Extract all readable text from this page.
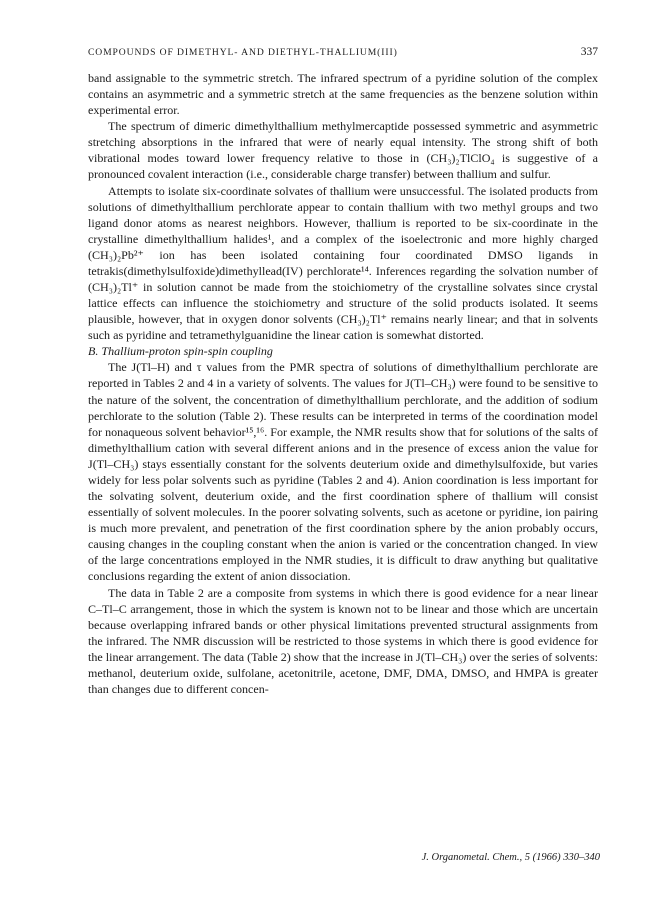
COMPOUNDS OF DIMETHYL- AND DIETHYL-THALLIUM(III)	337

band assignable to the symmetric stretch. The infrared spectrum of a pyridine solution of the complex contains an asymmetric and a symmetric stretch at the same frequencies as the benzene solution within experimental error.

The spectrum of dimeric dimethylthallium methylmercaptide possessed symmetric and asymmetric stretching absorptions in the infrared that were of nearly equal intensity. The strong shift of both vibrational modes toward lower frequency relative to those in (CH₃)₂TlClO₄ is suggestive of a pronounced covalent interaction (i.e., considerable charge transfer) between thallium and sulfur.

Attempts to isolate six-coordinate solvates of thallium were unsuccessful. The isolated products from solutions of dimethylthallium perchlorate appear to contain thallium with two methyl groups and two ligand donor atoms as nearest neighbors. However, thallium is reported to be six-coordinate in the crystalline dimethylthallium halides¹, and a complex of the isoelectronic and more highly charged (CH₃)₂Pb²⁺ ion has been isolated containing four coordinated DMSO ligands in tetrakis(dimethylsulfoxide)dimethyllead(IV) perchlorate¹⁴. Inferences regarding the solvation number of (CH₃)₂Tl⁺ in solution cannot be made from the stoichiometry of the crystalline solvates since crystal lattice effects can influence the stoichiometry and structure of the solid products isolated. It seems plausible, however, that in oxygen donor solvents (CH₃)₂Tl⁺ remains nearly linear; and that in solvents such as pyridine and tetramethylguanidine the linear cation is somewhat distorted.

B. Thallium-proton spin-spin coupling

The J(Tl–H) and τ values from the PMR spectra of solutions of dimethylthallium perchlorate are reported in Tables 2 and 4 in a variety of solvents. The values for J(Tl–CH₃) were found to be sensitive to the nature of the solvent, the concentration of dimethylthallium perchlorate, and the addition of sodium perchlorate to the solution (Table 2). These results can be interpreted in terms of the coordination model for nonaqueous solvent behavior¹⁵,¹⁶. For example, the NMR results show that for solutions of the salts of dimethylthallium cation with several different anions and in the presence of excess anion the value for J(Tl–CH₃) stays essentially constant for the solvents deuterium oxide and dimethylsulfoxide, but varies widely for less polar solvents such as pyridine (Tables 2 and 4). Anion coordination is less important for the solvating solvent, deuterium oxide, and the first coordination sphere of thallium will consist essentially of solvent molecules. In the poorer solvating solvents, such as acetone or pyridine, ion pairing is much more prevalent, and penetration of the first coordination sphere by the anion probably occurs, causing changes in the coupling constant when the anion is varied or the concentration changed. In view of the large concentrations employed in the NMR studies, it is difficult to draw anything but qualitative conclusions regarding the extent of anion dissociation.

The data in Table 2 are a composite from systems in which there is good evidence for a near linear C–Tl–C arrangement, those in which the system is known not to be linear and those which are uncertain because overlapping infrared bands or other physical limitations prevented structural assignments from the infrared. The NMR discussion will be restricted to those systems in which there is good evidence for the linear arrangement. The data (Table 2) show that the increase in J(Tl–CH₃) over the series of solvents: methanol, deuterium oxide, sulfolane, acetonitrile, acetone, DMF, DMA, DMSO, and HMPA is greater than changes due to different concen-

J. Organometal. Chem., 5 (1966) 330–340
